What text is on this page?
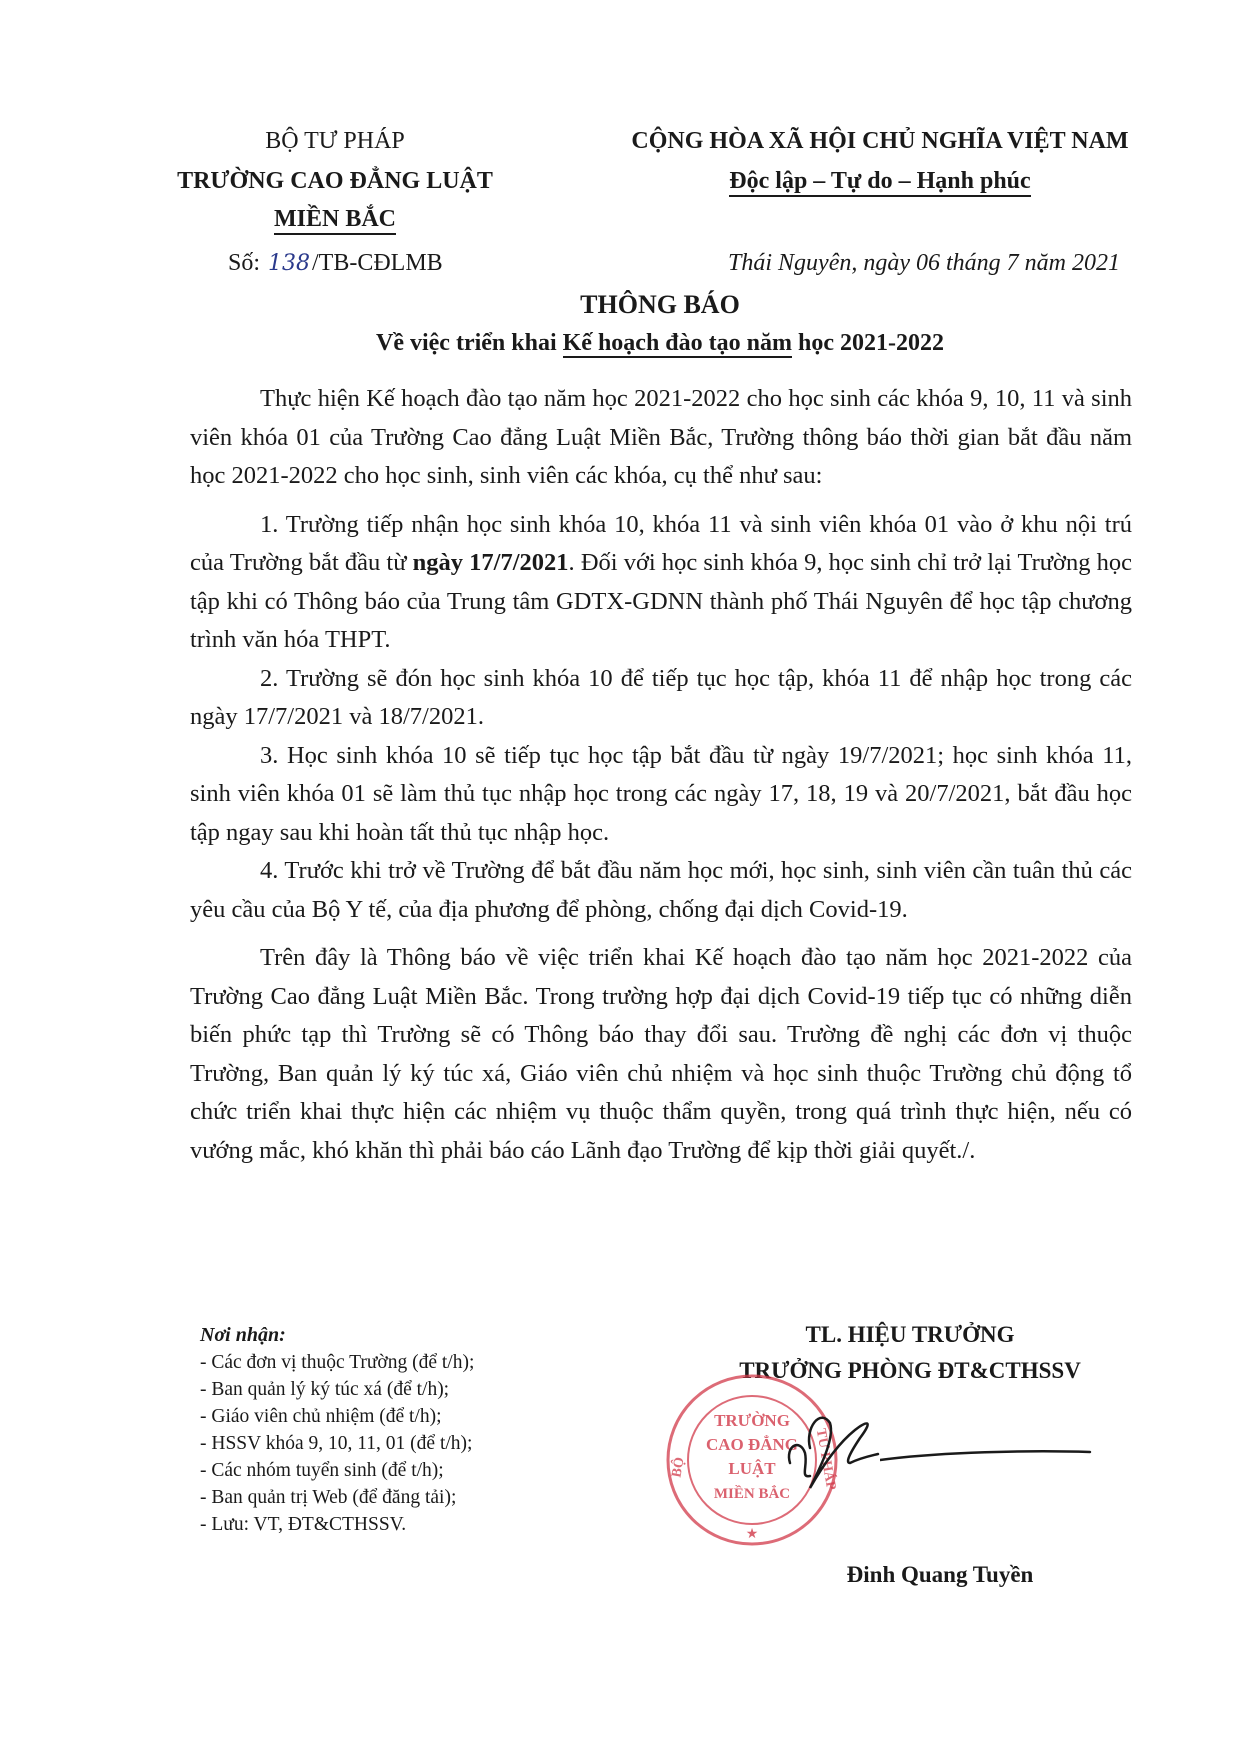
BỘ TƯ PHÁP
TRƯỜNG CAO ĐẲNG LUẬT
MIỀN BẮC
Số: 138/TB-CĐLMB
CỘNG HÒA XÃ HỘI CHỦ NGHĨA VIỆT NAM
Độc lập – Tự do – Hạnh phúc
Thái Nguyên, ngày 06 tháng 7 năm 2021
THÔNG BÁO
Về việc triển khai Kế hoạch đào tạo năm học 2021-2022

Thực hiện Kế hoạch đào tạo năm học 2021-2022 cho học sinh các khóa 9, 10, 11 và sinh viên khóa 01 của Trường Cao đẳng Luật Miền Bắc, Trường thông báo thời gian bắt đầu năm học 2021-2022 cho học sinh, sinh viên các khóa, cụ thể như sau:

1. Trường tiếp nhận học sinh khóa 10, khóa 11 và sinh viên khóa 01 vào ở khu nội trú của Trường bắt đầu từ ngày 17/7/2021. Đối với học sinh khóa 9, học sinh chỉ trở lại Trường học tập khi có Thông báo của Trung tâm GDTX-GDNN thành phố Thái Nguyên để học tập chương trình văn hóa THPT.

2. Trường sẽ đón học sinh khóa 10 để tiếp tục học tập, khóa 11 để nhập học trong các ngày 17/7/2021 và 18/7/2021.

3. Học sinh khóa 10 sẽ tiếp tục học tập bắt đầu từ ngày 19/7/2021; học sinh khóa 11, sinh viên khóa 01 sẽ làm thủ tục nhập học trong các ngày 17, 18, 19 và 20/7/2021, bắt đầu học tập ngay sau khi hoàn tất thủ tục nhập học.

4. Trước khi trở về Trường để bắt đầu năm học mới, học sinh, sinh viên cần tuân thủ các yêu cầu của Bộ Y tế, của địa phương để phòng, chống đại dịch Covid-19.

Trên đây là Thông báo về việc triển khai Kế hoạch đào tạo năm học 2021-2022 của Trường Cao đẳng Luật Miền Bắc. Trong trường hợp đại dịch Covid-19 tiếp tục có những diễn biến phức tạp thì Trường sẽ có Thông báo thay đổi sau. Trường đề nghị các đơn vị thuộc Trường, Ban quản lý ký túc xá, Giáo viên chủ nhiệm và học sinh thuộc Trường chủ động tổ chức triển khai thực hiện các nhiệm vụ thuộc thẩm quyền, trong quá trình thực hiện, nếu có vướng mắc, khó khăn thì phải báo cáo Lãnh đạo Trường để kịp thời giải quyết./.

Nơi nhận:
- Các đơn vị thuộc Trường (để t/h);
- Ban quản lý ký túc xá (để t/h);
- Giáo viên chủ nhiệm (để t/h);
- HSSV khóa 9, 10, 11, 01 (để t/h);
- Các nhóm tuyển sinh (để t/h);
- Ban quản trị Web (để đăng tải);
- Lưu: VT, ĐT&CTHSSV.
TL. HIỆU TRƯỞNG
TRƯỞNG PHÒNG ĐT&CTHSSV
TRƯỜNG
CAO ĐẲNG
LUẬT
MIỀN BẮC
BỘ	TƯ PHÁP
★
Đinh Quang Tuyền
